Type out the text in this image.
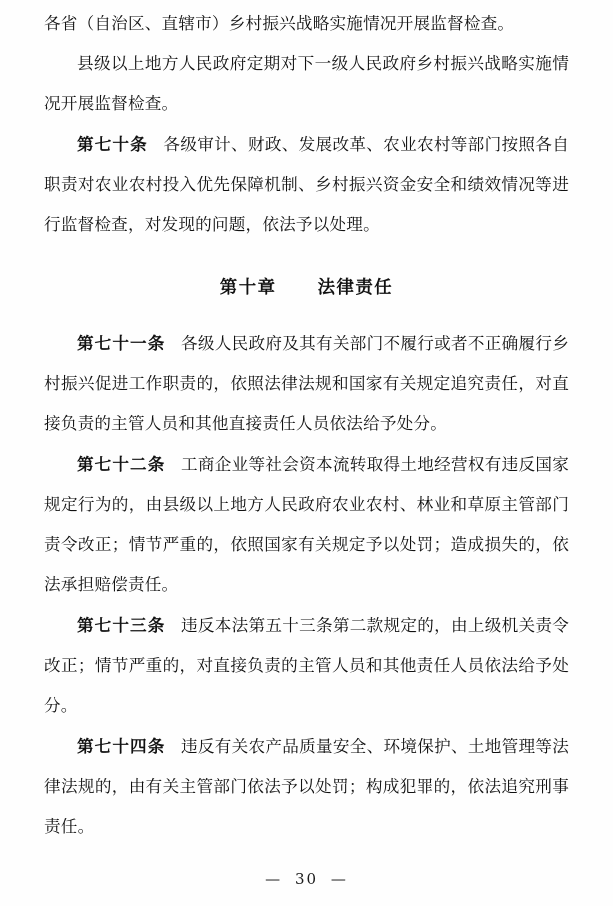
各省（自治区、直辖市）乡村振兴战略实施情况开展监督检查。

县级以上地方人民政府定期对下一级人民政府乡村振兴战略实施情况开展监督检查。

第七十条 各级审计、财政、发展改革、农业农村等部门按照各自职责对农业农村投入优先保障机制、乡村振兴资金安全和绩效情况等进行监督检查，对发现的问题，依法予以处理。

第十章 法律责任

第七十一条 各级人民政府及其有关部门不履行或者不正确履行乡村振兴促进工作职责的，依照法律法规和国家有关规定追究责任，对直接负责的主管人员和其他直接责任人员依法给予处分。

第七十二条 工商企业等社会资本流转取得土地经营权有违反国家规定行为的，由县级以上地方人民政府农业农村、林业和草原主管部门责令改正；情节严重的，依照国家有关规定予以处罚；造成损失的，依法承担赔偿责任。

第七十三条 违反本法第五十三条第二款规定的，由上级机关责令改正；情节严重的，对直接负责的主管人员和其他责任人员依法给予处分。

第七十四条 违反有关农产品质量安全、环境保护、土地管理等法律法规的，由有关主管部门依法予以处罚；构成犯罪的，依法追究刑事责任。

— 30 —
